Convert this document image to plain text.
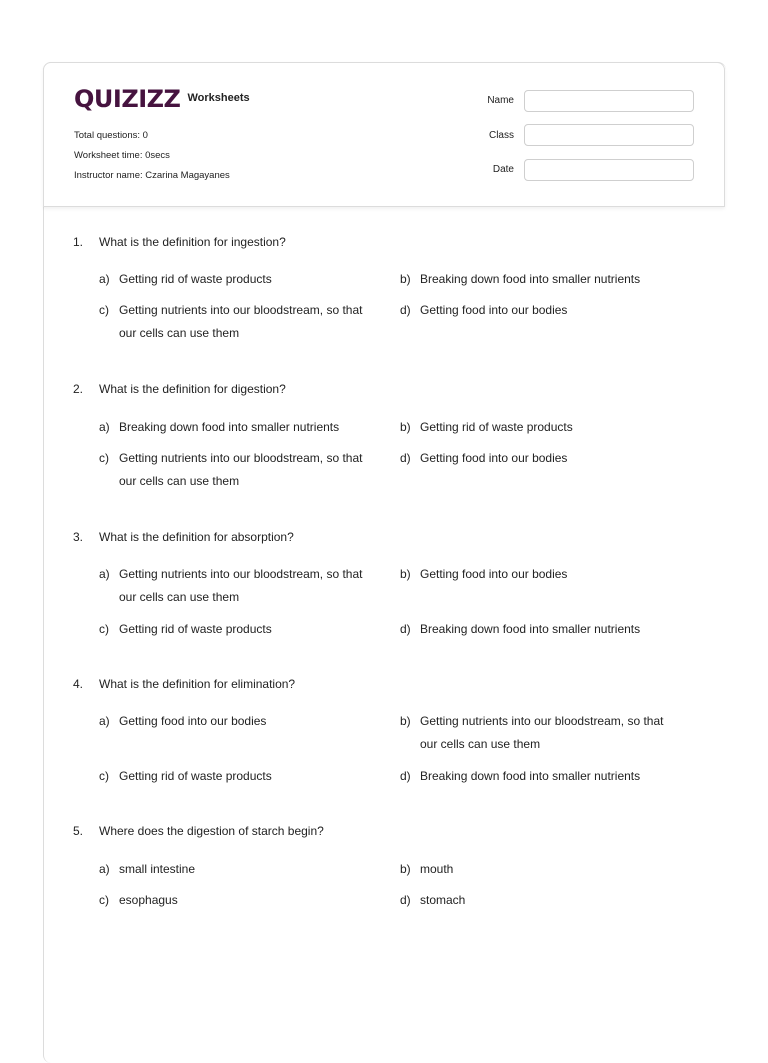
QUIZIZZ Worksheets
Total questions: 0
Worksheet time: 0secs
Instructor name: Czarina Magayanes
Name
Class
Date
1. What is the definition for ingestion?
a) Getting rid of waste products	b) Breaking down food into smaller nutrients
c) Getting nutrients into our bloodstream, so that
our cells can use them
d) Getting food into our bodies
2. What is the definition for digestion?
a) Breaking down food into smaller nutrients	b) Getting rid of waste products
c) Getting nutrients into our bloodstream, so that
our cells can use them
d) Getting food into our bodies
3. What is the definition for absorption?
a) Getting nutrients into our bloodstream, so that
our cells can use them
b) Getting food into our bodies
c) Getting rid of waste products	d) Breaking down food into smaller nutrients
4. What is the definition for elimination?
a) Getting food into our bodies	b) Getting nutrients into our bloodstream, so that
our cells can use them
c) Getting rid of waste products	d) Breaking down food into smaller nutrients
5. Where does the digestion of starch begin?
a) small intestine	b) mouth
c) esophagus	d) stomach
